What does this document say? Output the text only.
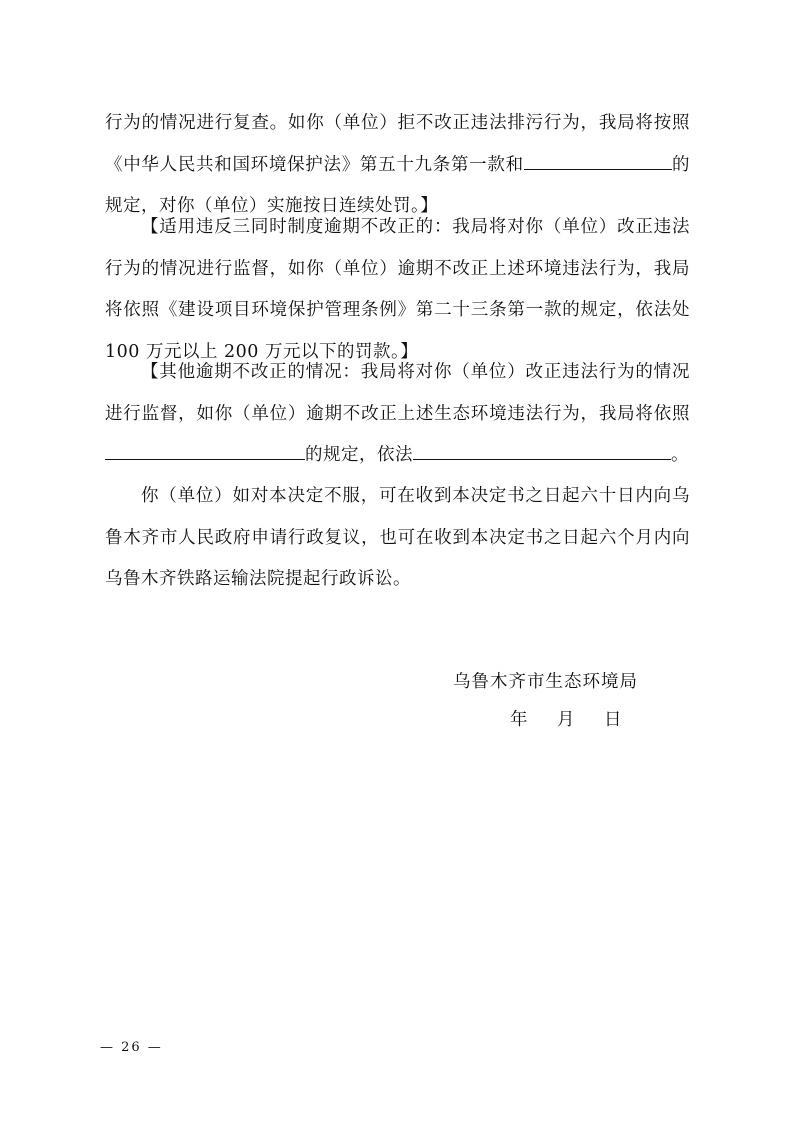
行为的情况进行复查。如你（单位）拒不改正违法排污行为，我局将按照
《中华人民共和国环境保护法》第五十九条第一款和	的
规定，对你（单位）实施按日连续处罚。】
【适用违反三同时制度逾期不改正的：我局将对你（单位）改正违法
行为的情况进行监督，如你（单位）逾期不改正上述环境违法行为，我局
将依照《建设项目环境保护管理条例》第二十三条第一款的规定，依法处
100 万元以上 200 万元以下的罚款。】
【其他逾期不改正的情况：我局将对你（单位）改正违法行为的情况
进行监督，如你（单位）逾期不改正上述生态环境违法行为，我局将依照
的规定，依法	。
你（单位）如对本决定不服，可在收到本决定书之日起六十日内向乌
鲁木齐市人民政府申请行政复议，也可在收到本决定书之日起六个月内向
乌鲁木齐铁路运输法院提起行政诉讼。
乌鲁木齐市生态环境局
年　月　日
— 26 —
